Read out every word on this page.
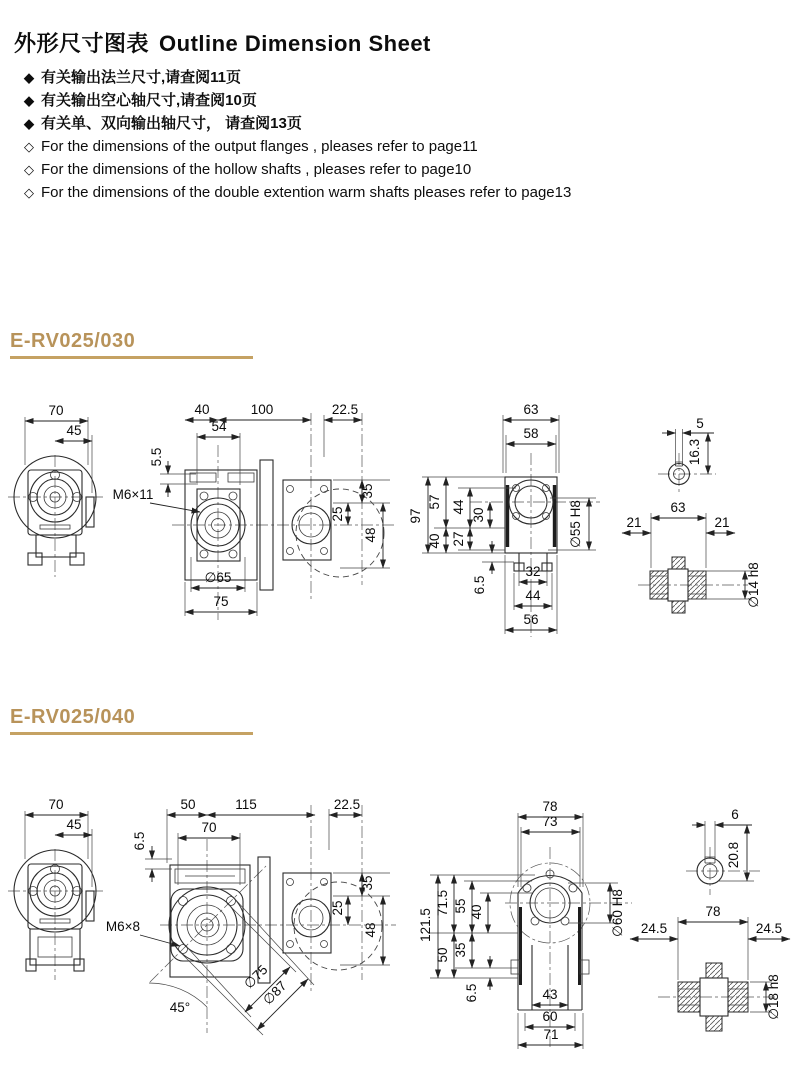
外形尺寸图表 Outline Dimension Sheet
◆ 有关输出法兰尺寸,请查阅11页
◆ 有关输出空心轴尺寸,请查阅10页
◆ 有关单、双向输出轴尺寸， 请查阅13页
◇ For the dimensions of the output flanges , pleases refer to page11
◇ For the dimensions of the hollow shafts , pleases refer to page10
◇ For the dimensions of the double extention warm shafts pleases refer to page13
E-RV025/030
70
45
M6×11
40	100	22.5
54
5.5
35
25
48
∅65
75
63
58
97
57
40
44
30
27
6.5
∅55 H8
32
44
56
5
16.3
63
21	21
∅14 h8
E-RV025/040
70
45
M6×8
50	115	22.5
70
6.5
35
25
48
∅75
∅87
45°
78
73
121.5
71.5 55 40
50 35
6.5
∅60 H8
43
60
71
6
20.8
78
24.5	24.5
∅18 h8
